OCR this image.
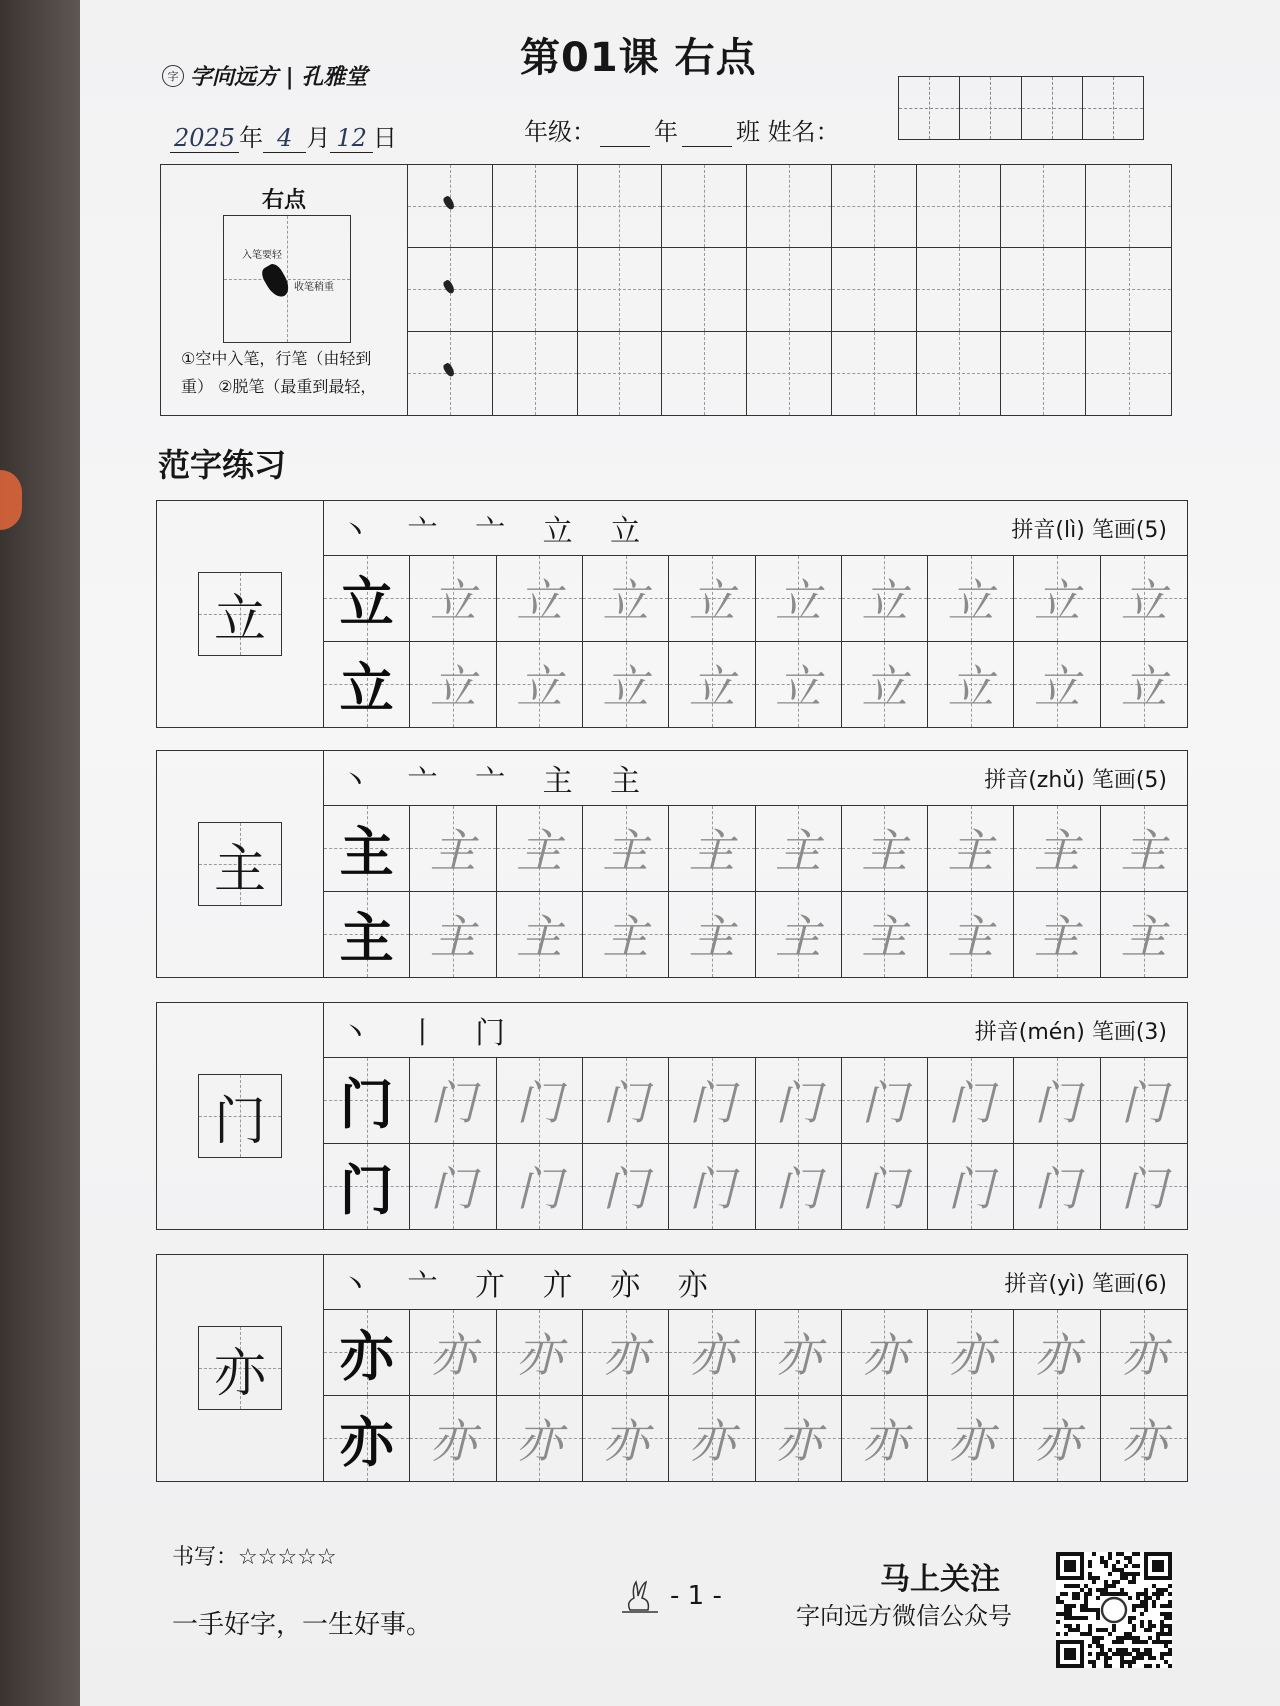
字 字向远方 | 孔雅堂	第01课 右点
2025 年 4 月 12 日	年级： 年 班 姓名：
右点
入笔要轻
收笔稍重
①空中入笔，行笔（由轻到重） ②脱笔（最重到最轻，
范字练习
立
丶 亠 亠 立 立	拼音(lì) 笔画(5)
立 立 立 立 立 立 立 立 立 立
立 立 立 立 立 立 立 立 立 立
主
丶 亠 亠 主 主	拼音(zhǔ) 笔画(5)
主 主 主 主 主 主 主 主 主 主
主 主 主 主 主 主 主 主 主 主
门
丶 丨 门	拼音(mén) 笔画(3)
门 门 门 门 门 门 门 门 门 门
门 门 门 门 门 门 门 门 门 门
亦
丶 亠 亣 亣 亦 亦	拼音(yì) 笔画(6)
亦 亦 亦 亦 亦 亦 亦 亦 亦 亦
亦 亦 亦 亦 亦 亦 亦 亦 亦 亦
书写：☆☆☆☆☆
一手好字，一生好事。
- 1 -	马上关注
字向远方微信公众号
